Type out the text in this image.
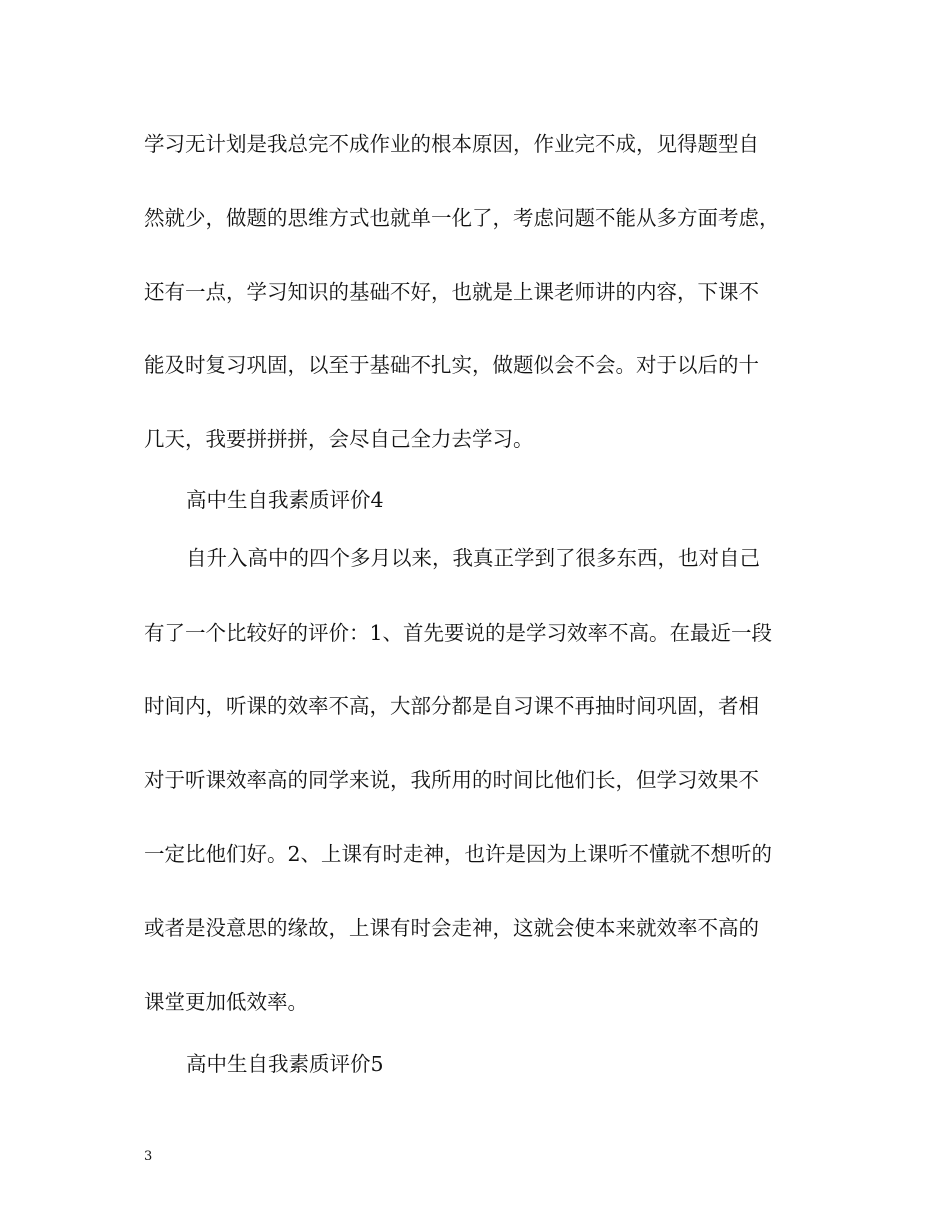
学习无计划是我总完不成作业的根本原因，作业完不成，见得题型自
然就少，做题的思维方式也就单一化了，考虑问题不能从多方面考虑，
还有一点，学习知识的基础不好，也就是上课老师讲的内容，下课不
能及时复习巩固，以至于基础不扎实，做题似会不会。对于以后的十
几天，我要拼拼拼，会尽自己全力去学习。
高中生自我素质评价4
自升入高中的四个多月以来，我真正学到了很多东西，也对自己
有了一个比较好的评价：1、首先要说的是学习效率不高。在最近一段
时间内，听课的效率不高，大部分都是自习课不再抽时间巩固，者相
对于听课效率高的同学来说，我所用的时间比他们长，但学习效果不
一定比他们好。2、上课有时走神，也许是因为上课听不懂就不想听的
或者是没意思的缘故，上课有时会走神，这就会使本来就效率不高的
课堂更加低效率。
高中生自我素质评价5
3
